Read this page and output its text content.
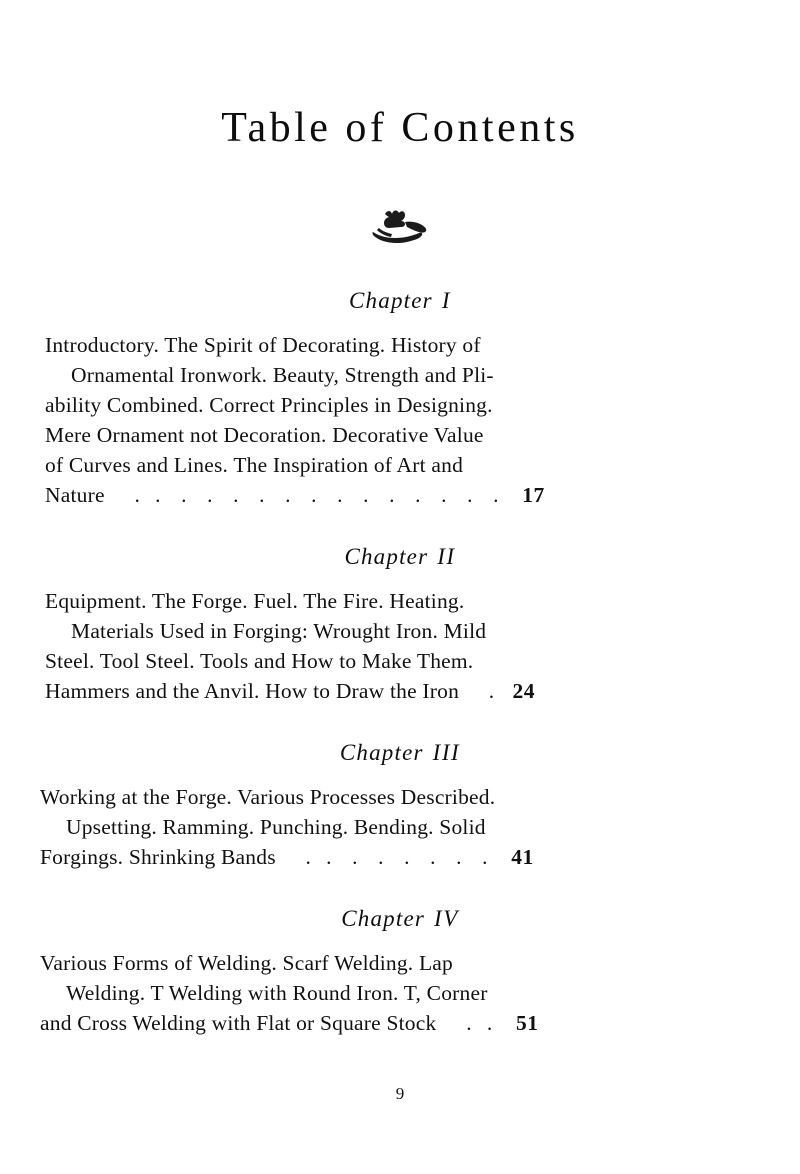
Table of Contents
Chapter I
Introductory. The Spirit of Decorating. History of
Ornamental Ironwork. Beauty, Strength and Pli-
ability Combined. Correct Principles in Designing.
Mere Ornament not Decoration. Decorative Value
of Curves and Lines. The Inspiration of Art and
Nature . . . . . . . . . . . . . . . 17
Chapter II
Equipment. The Forge. Fuel. The Fire. Heating.
Materials Used in Forging: Wrought Iron. Mild
Steel. Tool Steel. Tools and How to Make Them.
Hammers and the Anvil. How to Draw the Iron . 24
Chapter III
Working at the Forge. Various Processes Described.
Upsetting. Ramming. Punching. Bending. Solid
Forgings. Shrinking Bands . . . . . . . . 41
Chapter IV
Various Forms of Welding. Scarf Welding. Lap
Welding. T Welding with Round Iron. T, Corner
and Cross Welding with Flat or Square Stock . . 51
9
